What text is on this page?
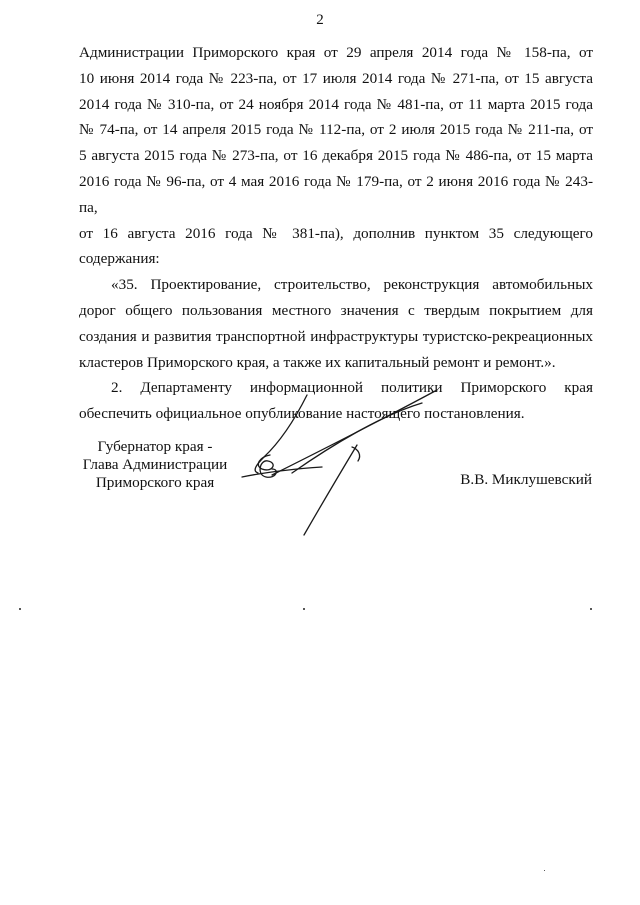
2

Администрации Приморского края от 29 апреля 2014 года № 158-па, от

10 июня 2014 года № 223-па, от 17 июля 2014 года № 271-па, от 15 августа

2014 года № 310-па, от 24 ноября 2014 года № 481-па, от 11 марта 2015 года

№ 74-па, от 14 апреля 2015 года № 112-па, от 2 июля 2015 года № 211-па, от

5 августа 2015 года № 273-па, от 16 декабря 2015 года № 486-па, от 15 марта

2016 года № 96-па, от 4 мая 2016 года № 179-па, от 2 июня 2016 года № 243-па,

от 16 августа 2016 года № 381-па), дополнив пунктом 35 следующего

содержания:

«35. Проектирование, строительство, реконструкция автомобильных

дорог общего пользования местного значения с твердым покрытием для

создания и развития транспортной инфраструктуры туристско-рекреационных

кластеров Приморского края, а также их капитальный ремонт и ремонт.».

2. Департаменту информационной политики Приморского края

обеспечить официальное опубликование настоящего постановления.

Губернатор края -
Глава Администрации
Приморского края	В.В. Миклушевский
